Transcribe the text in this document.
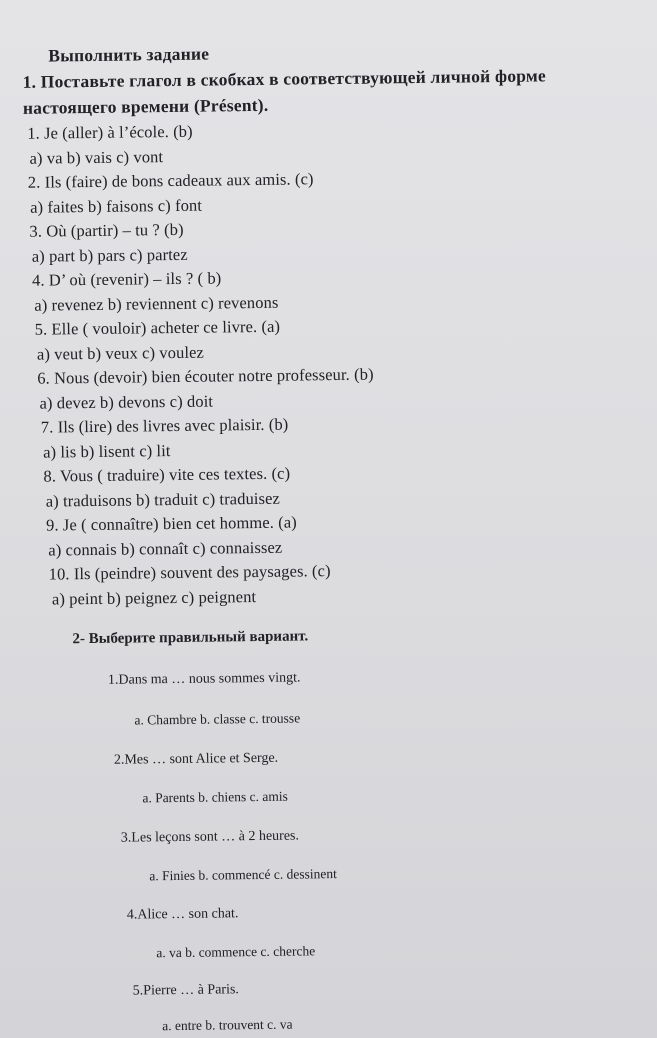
Выполнить задание
1. Поставьте глагол в скобках в соответствующей личной форме
настоящего времени (Présent).
1. Je (aller) à l’école. (b)
a) va b) vais c) vont
2. Ils (faire) de bons cadeaux aux amis. (c)
a) faites b) faisons c) font
3. Où (partir) – tu ? (b)
a) part b) pars c) partez
4. D’ où (revenir) – ils ? ( b)
a) revenez b) reviennent c) revenons
5. Elle ( vouloir) acheter ce livre. (a)
a) veut b) veux c) voulez
6. Nous (devoir) bien écouter notre professeur. (b)
a) devez b) devons c) doit
7. Ils (lire) des livres avec plaisir. (b)
a) lis b) lisent c) lit
8. Vous ( traduire) vite ces textes. (c)
a) traduisons b) traduit c) traduisez
9. Je ( connaître) bien cet homme. (a)
a) connais b) connaît c) connaissez
10. Ils (peindre) souvent des paysages. (c)
a) peint b) peignez c) peignent
2- Выберите правильный вариант.
1.Dans ma … nous sommes vingt.
a. Chambre b. classe c. trousse
2.Mes … sont Alice et Serge.
a. Parents b. chiens c. amis
3.Les leçons sont … à 2 heures.
a. Finies b. commencé c. dessinent
4.Alice … son chat.
a. va b. commence c. cherche
5.Pierre … à Paris.
a. entre b. trouvent c. va
